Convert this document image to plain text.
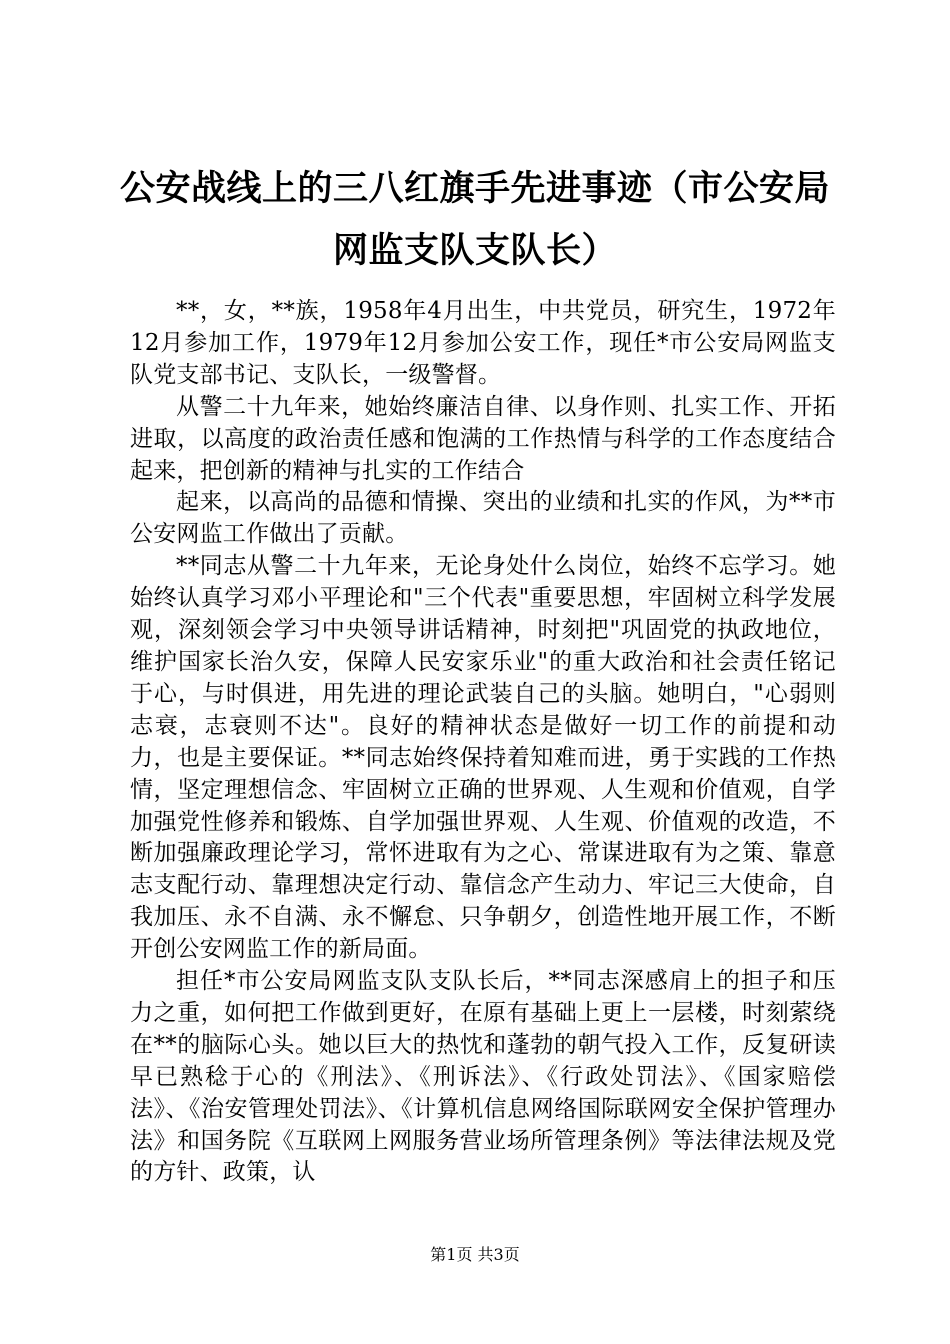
公安战线上的三八红旗手先进事迹（市公安局
网监支队支队长）

**，女，**族，1958年4月出生，中共党员，研究生，1972年12月参加工作，1979年12月参加公安工作，现任*市公安局网监支队党支部书记、支队长，一级警督。

从警二十九年来，她始终廉洁自律、以身作则、扎实工作、开拓进取，以高度的政治责任感和饱满的工作热情与科学的工作态度结合起来，把创新的精神与扎实的工作结合

起来，以高尚的品德和情操、突出的业绩和扎实的作风，为**市公安网监工作做出了贡献。

**同志从警二十九年来，无论身处什么岗位，始终不忘学习。她始终认真学习邓小平理论和"三个代表"重要思想，牢固树立科学发展观，深刻领会学习中央领导讲话精神，时刻把"巩固党的执政地位，维护国家长治久安，保障人民安家乐业"的重大政治和社会责任铭记于心，与时俱进，用先进的理论武装自己的头脑。她明白，"心弱则志衰，志衰则不达"。良好的精神状态是做好一切工作的前提和动力，也是主要保证。**同志始终保持着知难而进，勇于实践的工作热情，坚定理想信念、牢固树立正确的世界观、人生观和价值观，自学加强党性修养和锻炼、自学加强世界观、人生观、价值观的改造，不断加强廉政理论学习，常怀进取有为之心、常谋进取有为之策、靠意志支配行动、靠理想决定行动、靠信念产生动力、牢记三大使命，自我加压、永不自满、永不懈怠、只争朝夕，创造性地开展工作，不断开创公安网监工作的新局面。

担任*市公安局网监支队支队长后，**同志深感肩上的担子和压力之重，如何把工作做到更好，在原有基础上更上一层楼，时刻萦绕在**的脑际心头。她以巨大的热忱和蓬勃的朝气投入工作，反复研读早已熟稔于心的《刑法》、《刑诉法》、《行政处罚法》、《国家赔偿法》、《治安管理处罚法》、《计算机信息网络国际联网安全保护管理办法》和国务院《互联网上网服务营业场所管理条例》等法律法规及党的方针、政策，认

第1页 共3页
